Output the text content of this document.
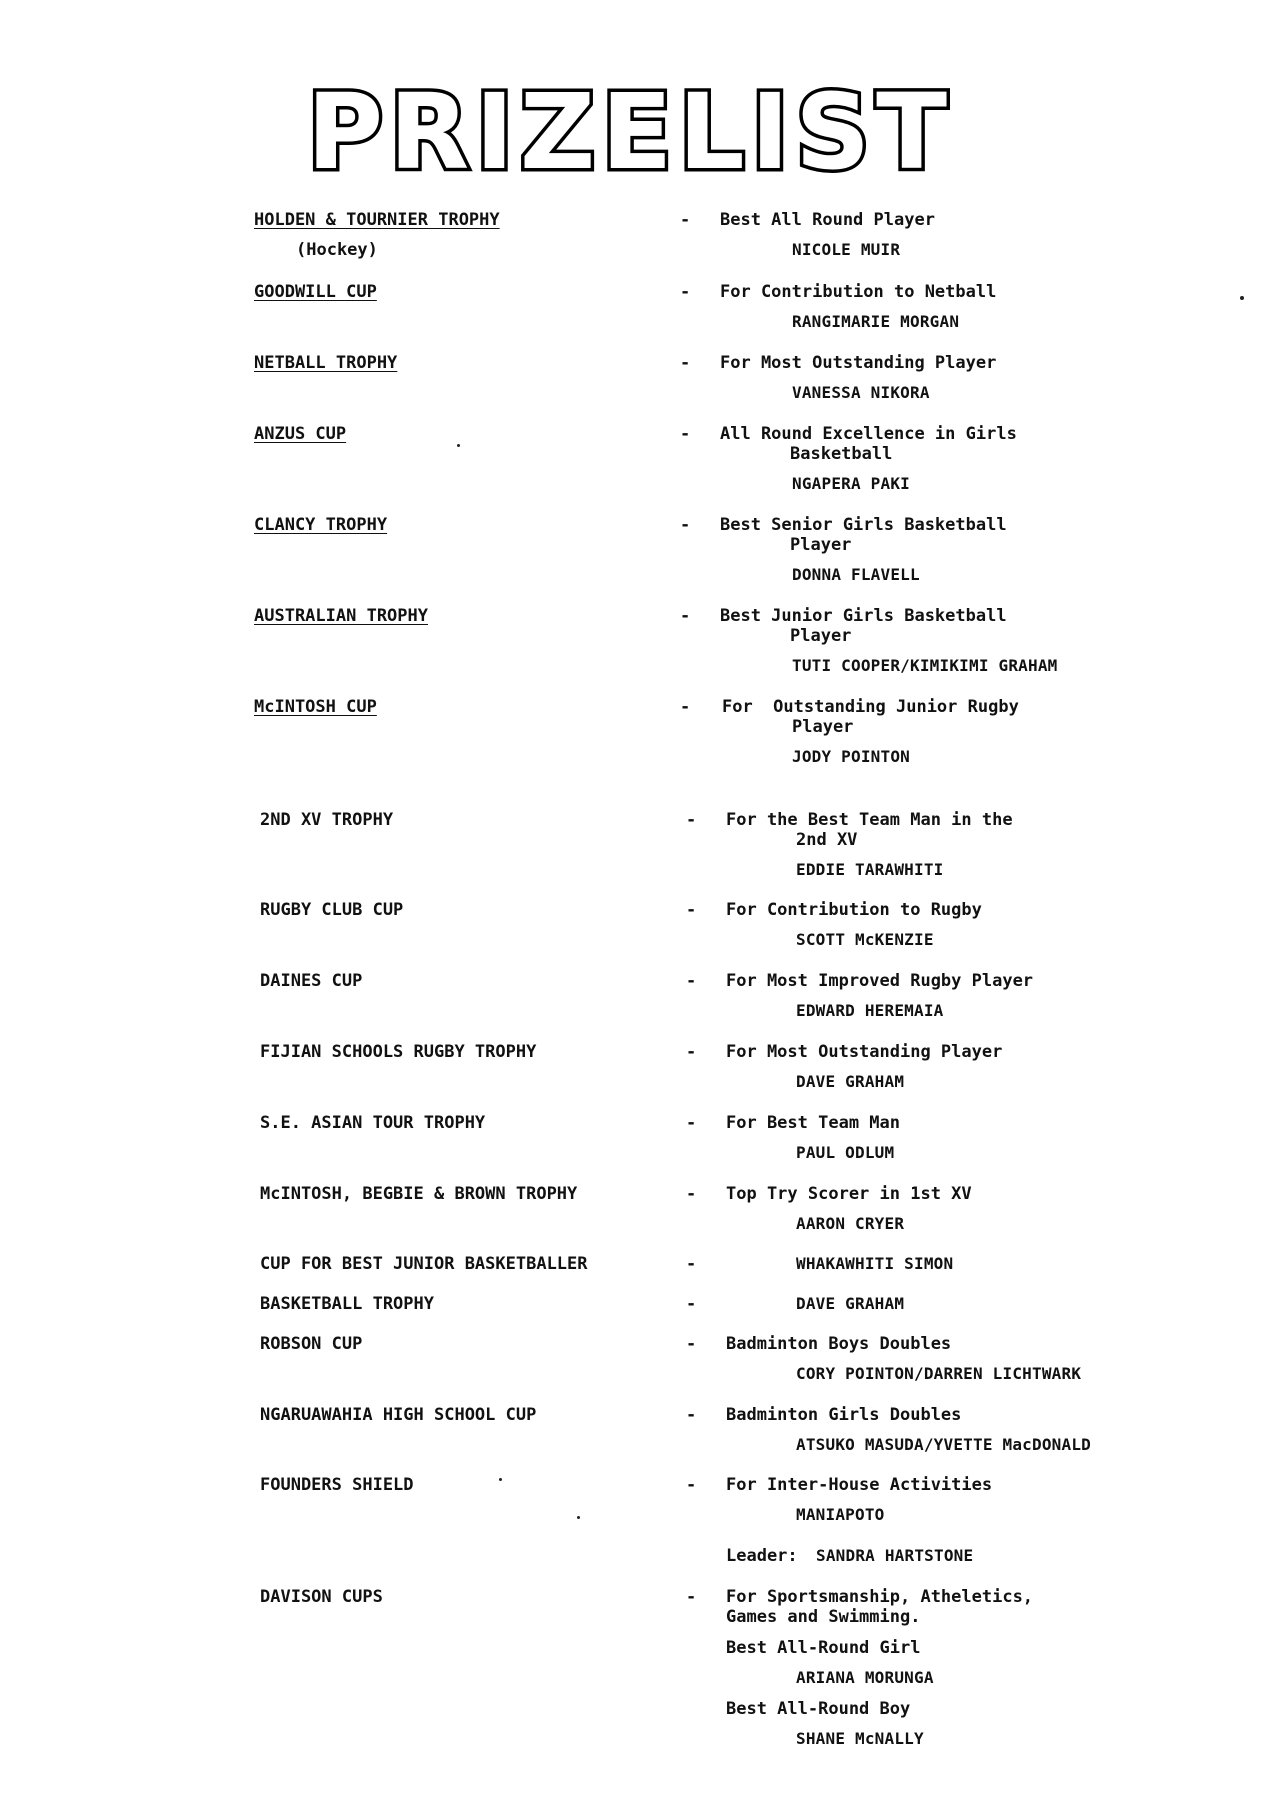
PRIZELIST
HOLDEN & TOURNIER TROPHY
(Hockey)
- Best All Round Player
NICOLE MUIR
GOODWILL CUP	- For Contribution to Netball
RANGIMARIE MORGAN
NETBALL TROPHY	- For Most Outstanding Player
VANESSA NIKORA
ANZUS CUP	- All Round Excellence in Girls
Basketball
NGAPERA PAKI
CLANCY TROPHY	- Best Senior Girls Basketball
Player
DONNA FLAVELL
AUSTRALIAN TROPHY	- Best Junior Girls Basketball
Player
TUTI COOPER/KIMIKIMI GRAHAM
McINTOSH CUP	- For  Outstanding Junior Rugby
Player
JODY POINTON
2ND XV TROPHY	- For the Best Team Man in the
2nd XV
EDDIE TARAWHITI
RUGBY CLUB CUP	- For Contribution to Rugby
SCOTT McKENZIE
DAINES CUP	- For Most Improved Rugby Player
EDWARD HEREMAIA
FIJIAN SCHOOLS RUGBY TROPHY	- For Most Outstanding Player
DAVE GRAHAM
S.E. ASIAN TOUR TROPHY	- For Best Team Man
PAUL ODLUM
McINTOSH, BEGBIE & BROWN TROPHY	- Top Try Scorer in 1st XV
AARON CRYER
CUP FOR BEST JUNIOR BASKETBALLER	-	WHAKAWHITI SIMON
BASKETBALL TROPHY	-	DAVE GRAHAM
ROBSON CUP	- Badminton Boys Doubles
CORY POINTON/DARREN LICHTWARK
NGARUAWAHIA HIGH SCHOOL CUP	- Badminton Girls Doubles
ATSUKO MASUDA/YVETTE MacDONALD
FOUNDERS SHIELD	- For Inter-House Activities
MANIAPOTO
Leader: SANDRA HARTSTONE
DAVISON CUPS	- For Sportsmanship, Atheletics,
Games and Swimming.
Best All-Round Girl
ARIANA MORUNGA
Best All-Round Boy
SHANE McNALLY
